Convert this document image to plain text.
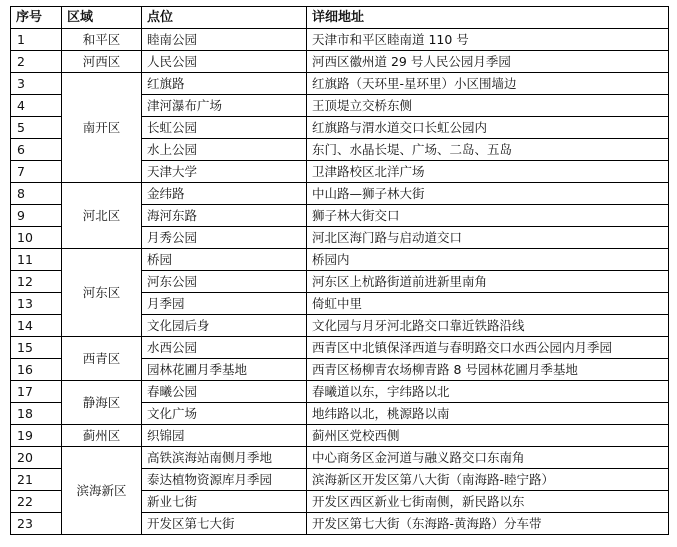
序号	区域	点位	详细地址
1	和平区	睦南公园	天津市和平区睦南道 110 号
2	河西区	人民公园	河西区徽州道 29 号人民公园月季园
3	南开区	红旗路	红旗路（天环里-星环里）小区围墙边
4		津河瀑布广场	王顶堤立交桥东侧
5		长虹公园	红旗路与渭水道交口长虹公园内
6		水上公园	东门、水晶长堤、广场、二岛、五岛
7		天津大学	卫津路校区北洋广场
8	河北区	金纬路	中山路—狮子林大街
9		海河东路	狮子林大街交口
10		月秀公园	河北区海门路与启动道交口
11	河东区	桥园	桥园内
12		河东公园	河东区上杭路街道前进新里南角
13		月季园	倚虹中里
14		文化园后身	文化园与月牙河北路交口靠近铁路沿线
15	西青区	水西公园	西青区中北镇保泽西道与春明路交口水西公园内月季园
16		园林花圃月季基地	西青区杨柳青农场柳青路 8 号园林花圃月季基地
17	静海区	春曦公园	春曦道以东，宇纬路以北
18		文化广场	地纬路以北，桃源路以南
19	蓟州区	织锦园	蓟州区党校西侧
20	滨海新区	高铁滨海站南侧月季地	中心商务区金河道与融义路交口东南角
21		泰达植物资源库月季园	滨海新区开发区第八大街（南海路-睦宁路）
22		新业七街	开发区西区新业七街南侧，新民路以东
23		开发区第七大街	开发区第七大街（东海路-黄海路）分车带
